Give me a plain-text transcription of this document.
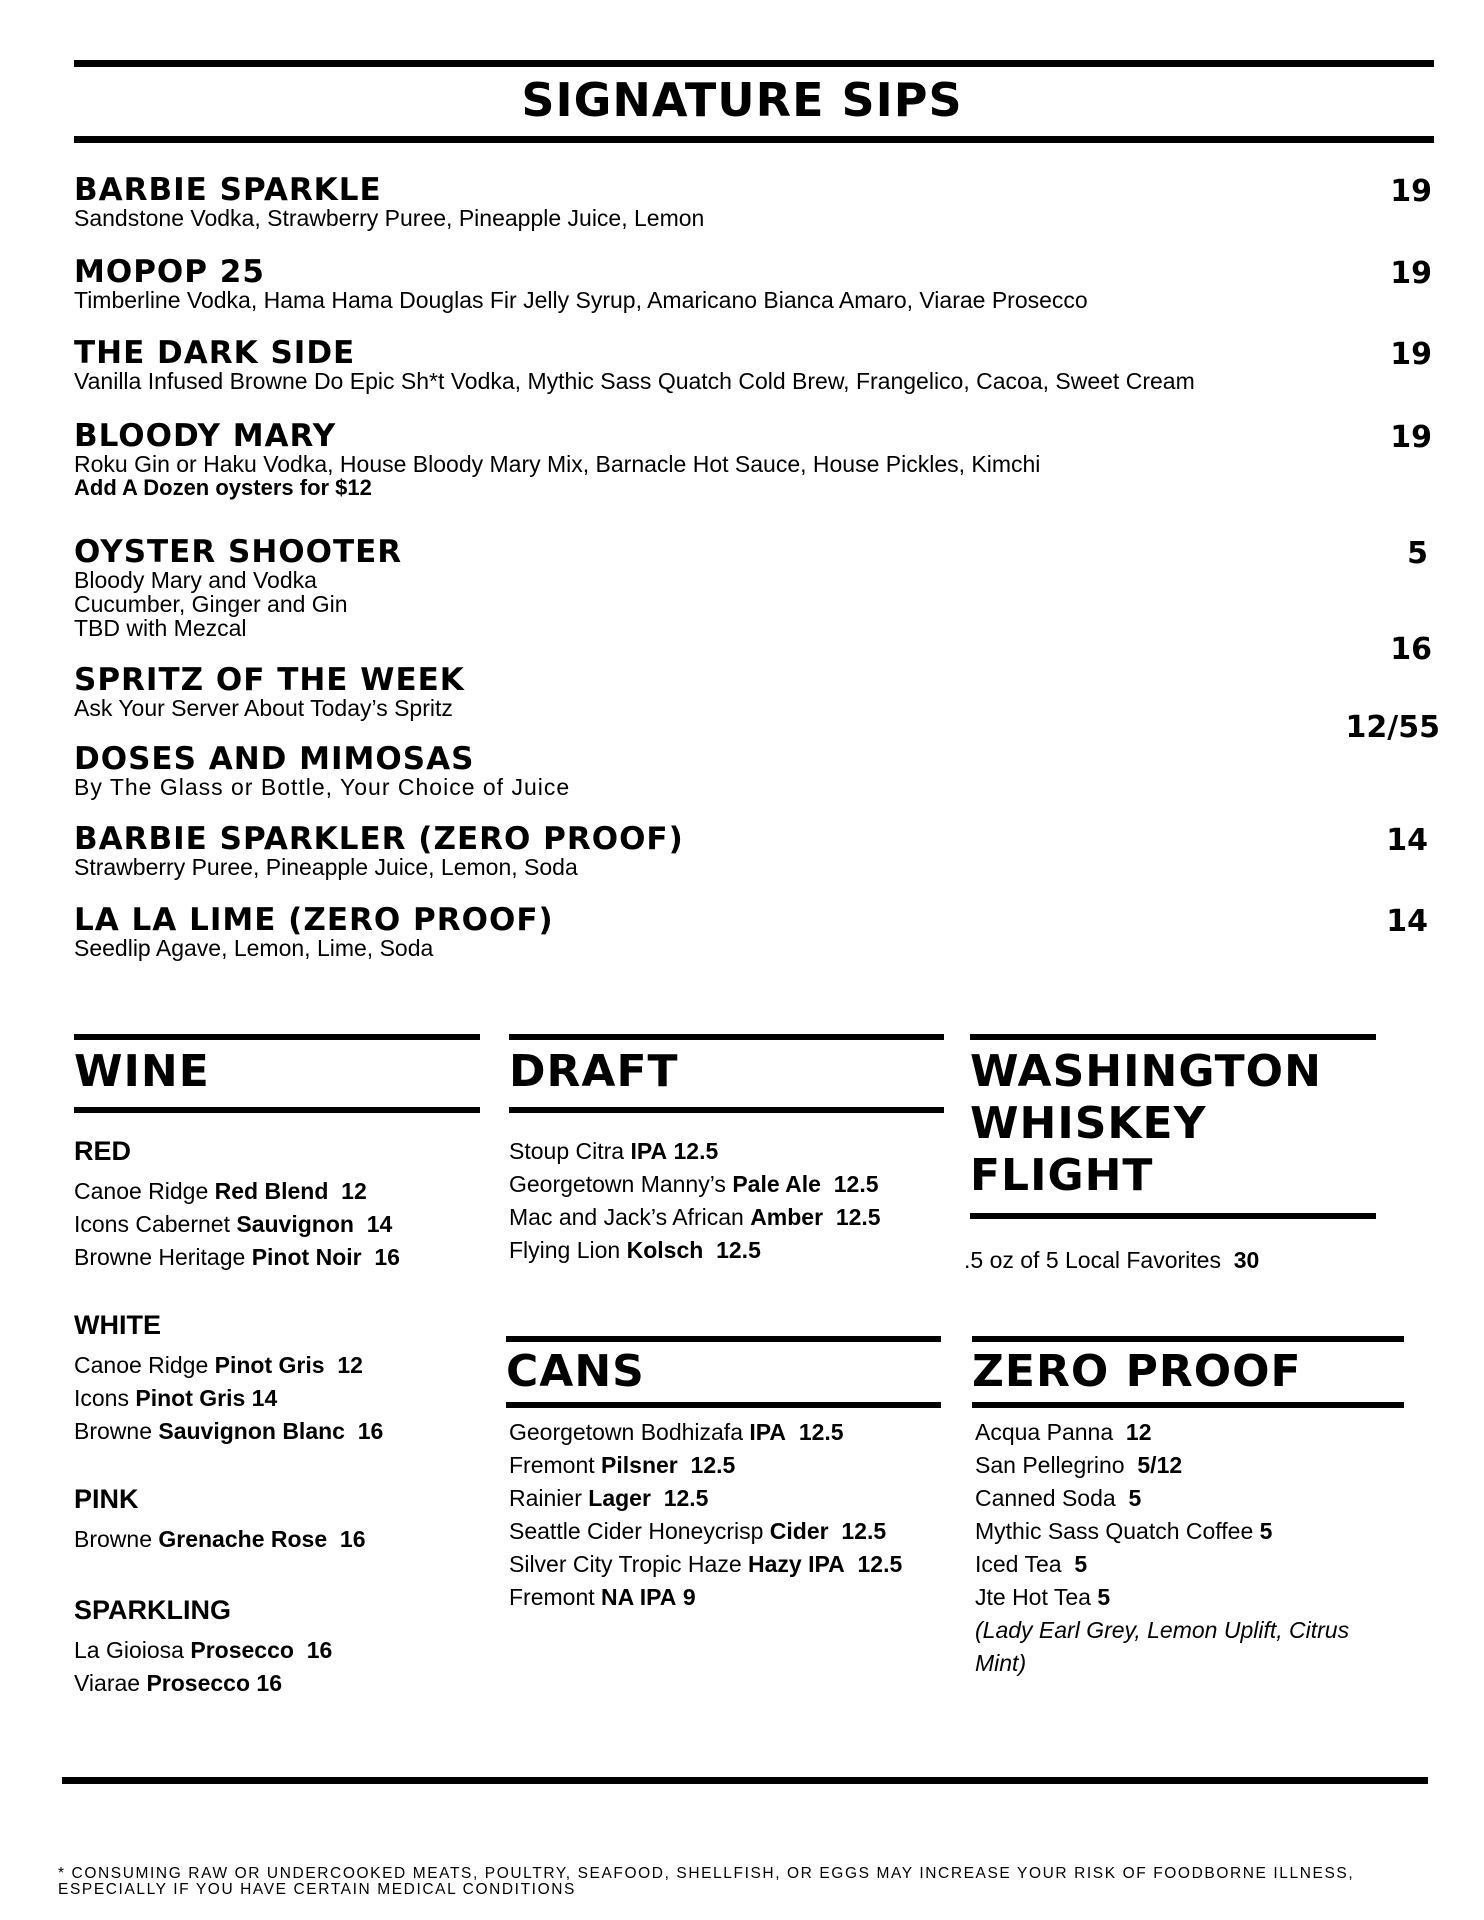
SIGNATURE SIPS
BARBIE SPARKLE
Sandstone Vodka, Strawberry Puree, Pineapple Juice, Lemon
19
MOPOP 25
Timberline Vodka, Hama Hama Douglas Fir Jelly Syrup, Amaricano Bianca Amaro, Viarae Prosecco
19
THE DARK SIDE
Vanilla Infused Browne Do Epic Sh*t Vodka, Mythic Sass Quatch Cold Brew, Frangelico, Cacoa, Sweet Cream
19
BLOODY MARY
Roku Gin or Haku Vodka, House Bloody Mary Mix, Barnacle Hot Sauce, House Pickles, Kimchi
Add A Dozen oysters for $12
19
OYSTER SHOOTER
Bloody Mary and Vodka
Cucumber, Ginger and Gin
TBD with Mezcal
5
SPRITZ OF THE WEEK
Ask Your Server About Today’s Spritz
16
DOSES AND MIMOSAS
By The Glass or Bottle, Your Choice of Juice
12/55
BARBIE SPARKLER (ZERO PROOF)
Strawberry Puree, Pineapple Juice, Lemon, Soda
14
LA LA LIME (ZERO PROOF)
Seedlip Agave, Lemon, Lime, Soda
14
WINE
RED
Canoe Ridge Red Blend 12
Icons Cabernet Sauvignon 14
Browne Heritage Pinot Noir 16
WHITE
Canoe Ridge Pinot Gris 12
Icons Pinot Gris 14
Browne Sauvignon Blanc 16
PINK
Browne Grenache Rose 16
SPARKLING
La Gioiosa Prosecco 16
Viarae Prosecco 16
DRAFT
Stoup Citra IPA 12.5
Georgetown Manny’s Pale Ale 12.5
Mac and Jack’s African Amber 12.5
Flying Lion Kolsch 12.5
CANS
Georgetown Bodhizafa IPA 12.5
Fremont Pilsner 12.5
Rainier Lager 12.5
Seattle Cider Honeycrisp Cider 12.5
Silver City Tropic Haze Hazy IPA 12.5
Fremont NA IPA 9
WASHINGTON
WHISKEY
FLIGHT
.5 oz of 5 Local Favorites 30
ZERO PROOF
Acqua Panna  12
San Pellegrino  5/12
Canned Soda  5
Mythic Sass Quatch Coffee 5
Iced Tea  5
Jte Hot Tea 5
(Lady Earl Grey, Lemon Uplift, Citrus
Mint)
* CONSUMING RAW OR UNDERCOOKED MEATS, POULTRY, SEAFOOD, SHELLFISH, OR EGGS MAY INCREASE YOUR RISK OF FOODBORNE ILLNESS,
ESPECIALLY IF YOU HAVE CERTAIN MEDICAL CONDITIONS
